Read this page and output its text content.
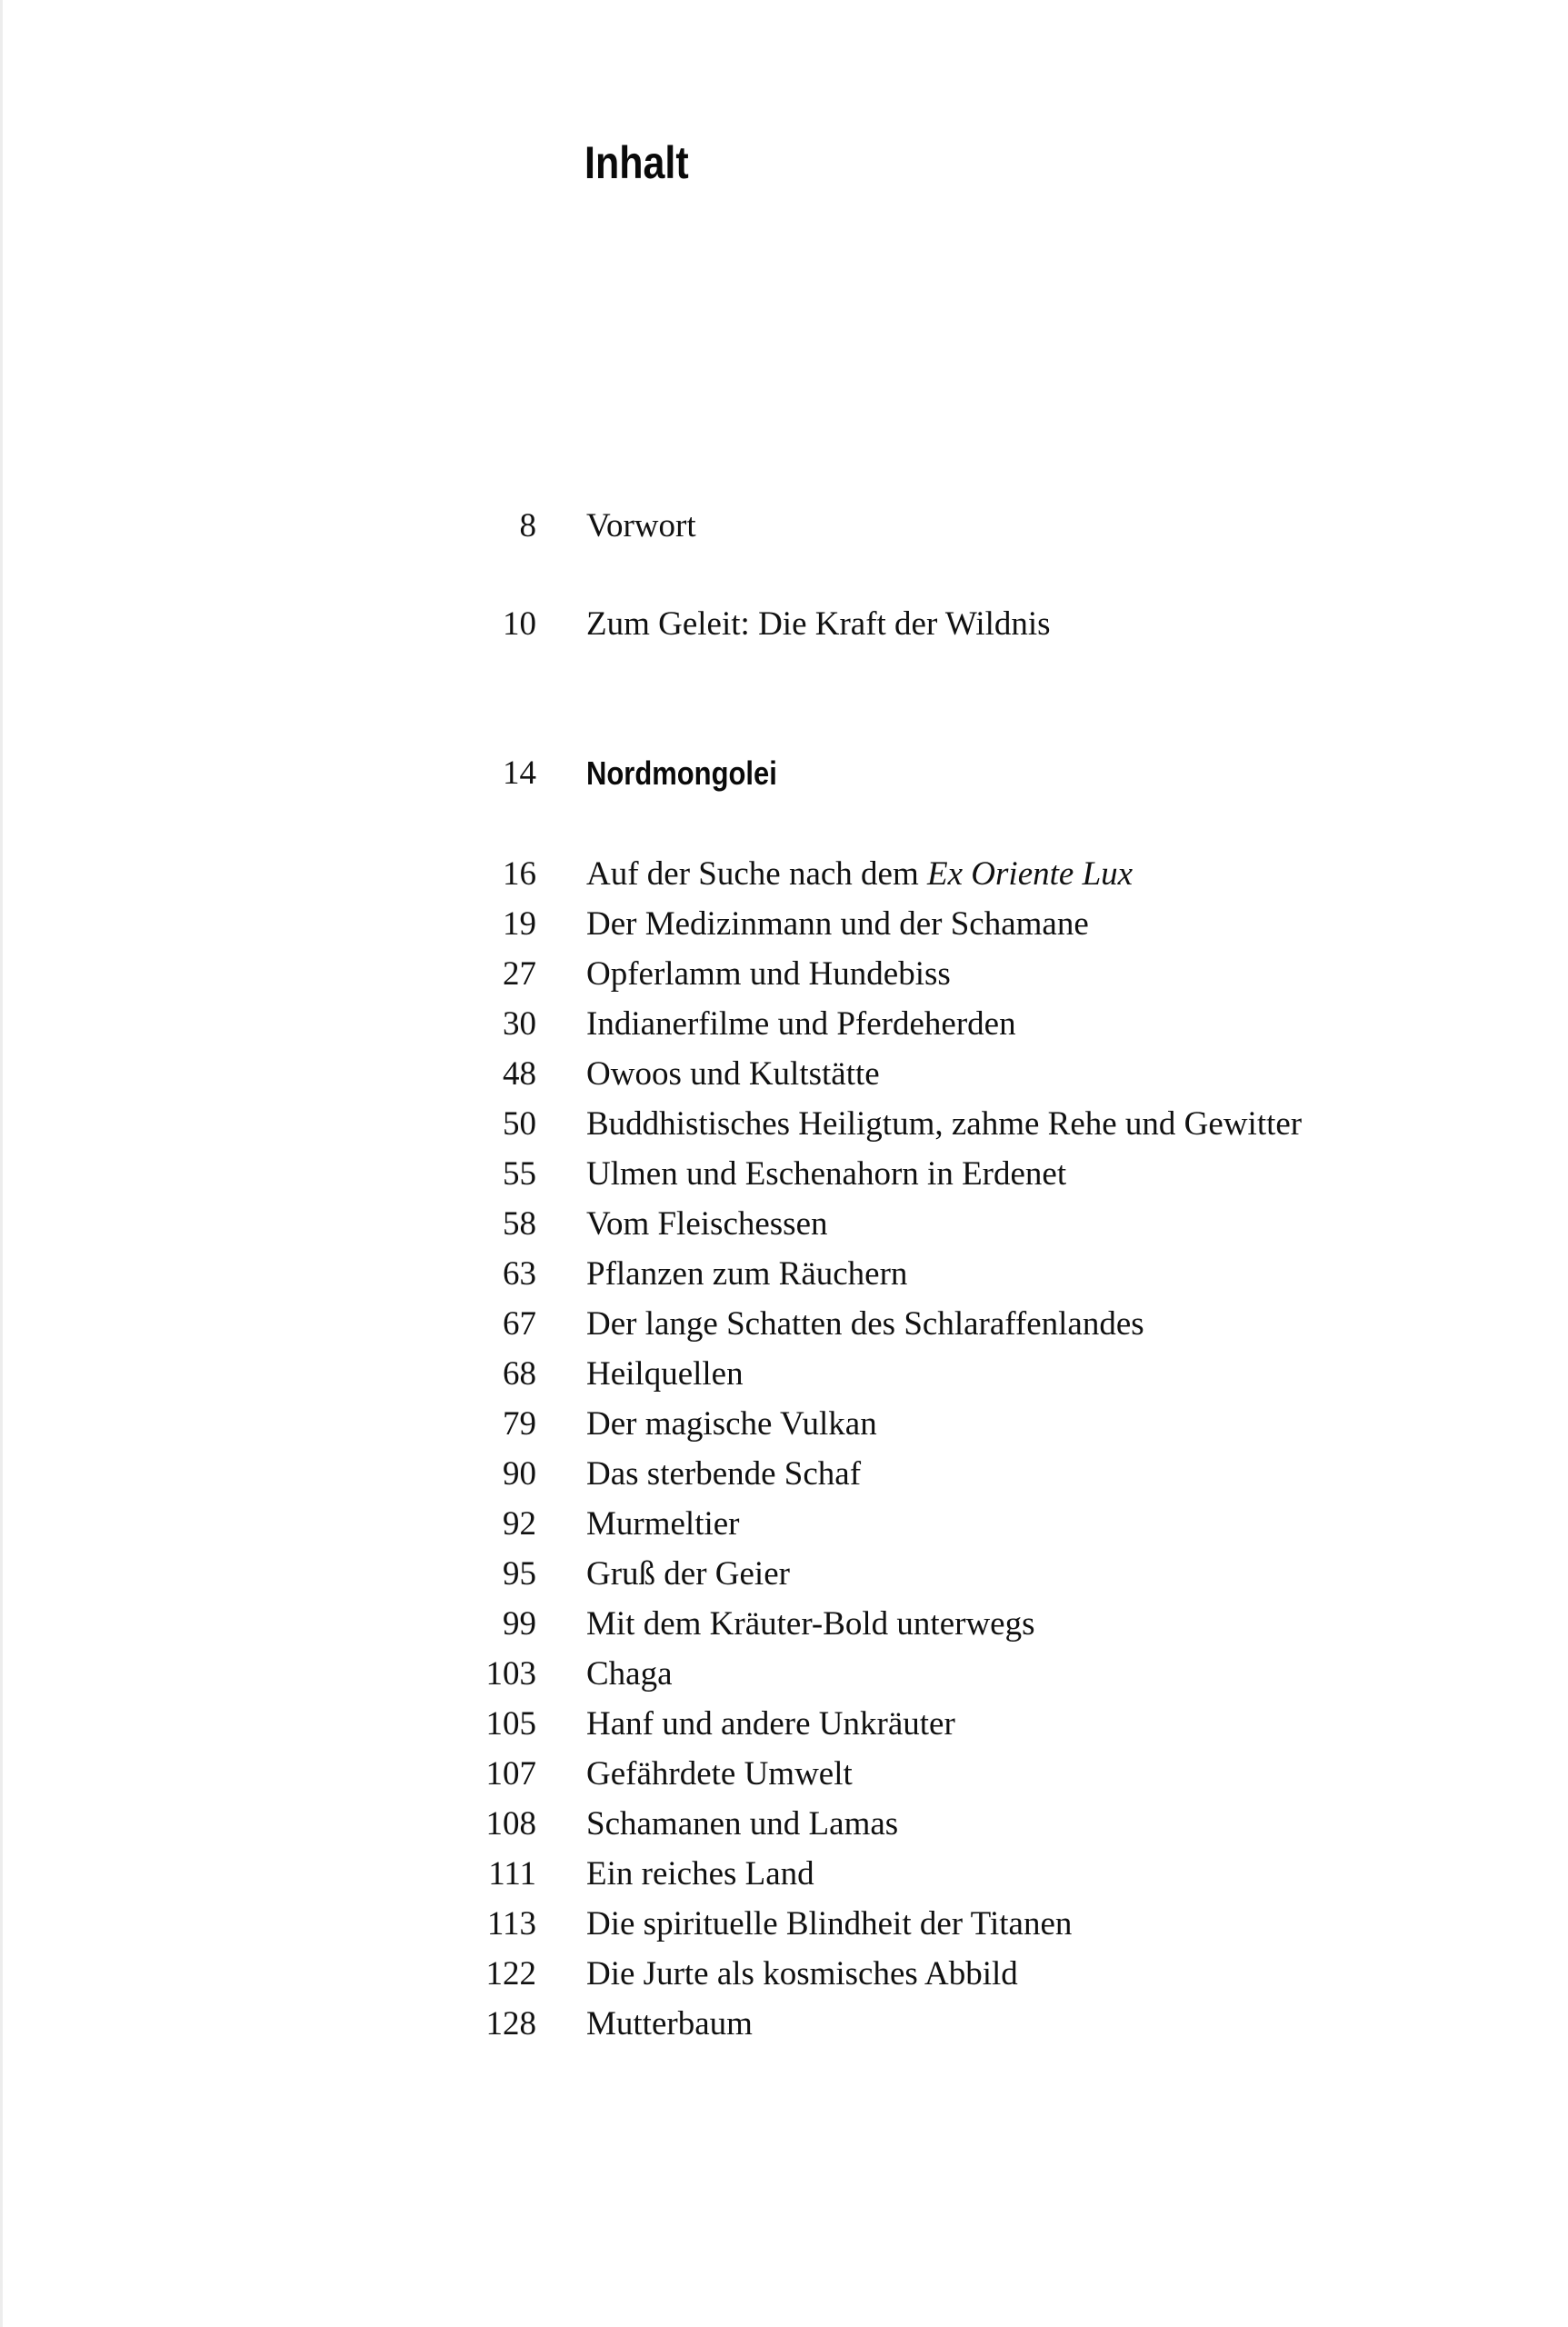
Inhalt
8 Vorwort
10 Zum Geleit: Die Kraft der Wildnis
14 Nordmongolei
16 Auf der Suche nach dem Ex Oriente Lux
19 Der Medizinmann und der Schamane
27 Opferlamm und Hundebiss
30 Indianerfilme und Pferdeherden
48 Owoos und Kultstätte
50 Buddhistisches Heiligtum, zahme Rehe und Gewitter
55 Ulmen und Eschenahorn in Erdenet
58 Vom Fleischessen
63 Pflanzen zum Räuchern
67 Der lange Schatten des Schlaraffenlandes
68 Heilquellen
79 Der magische Vulkan
90 Das sterbende Schaf
92 Murmeltier
95 Gruß der Geier
99 Mit dem Kräuter-Bold unterwegs
103 Chaga
105 Hanf und andere Unkräuter
107 Gefährdete Umwelt
108 Schamanen und Lamas
111 Ein reiches Land
113 Die spirituelle Blindheit der Titanen
122 Die Jurte als kosmisches Abbild
128 Mutterbaum
